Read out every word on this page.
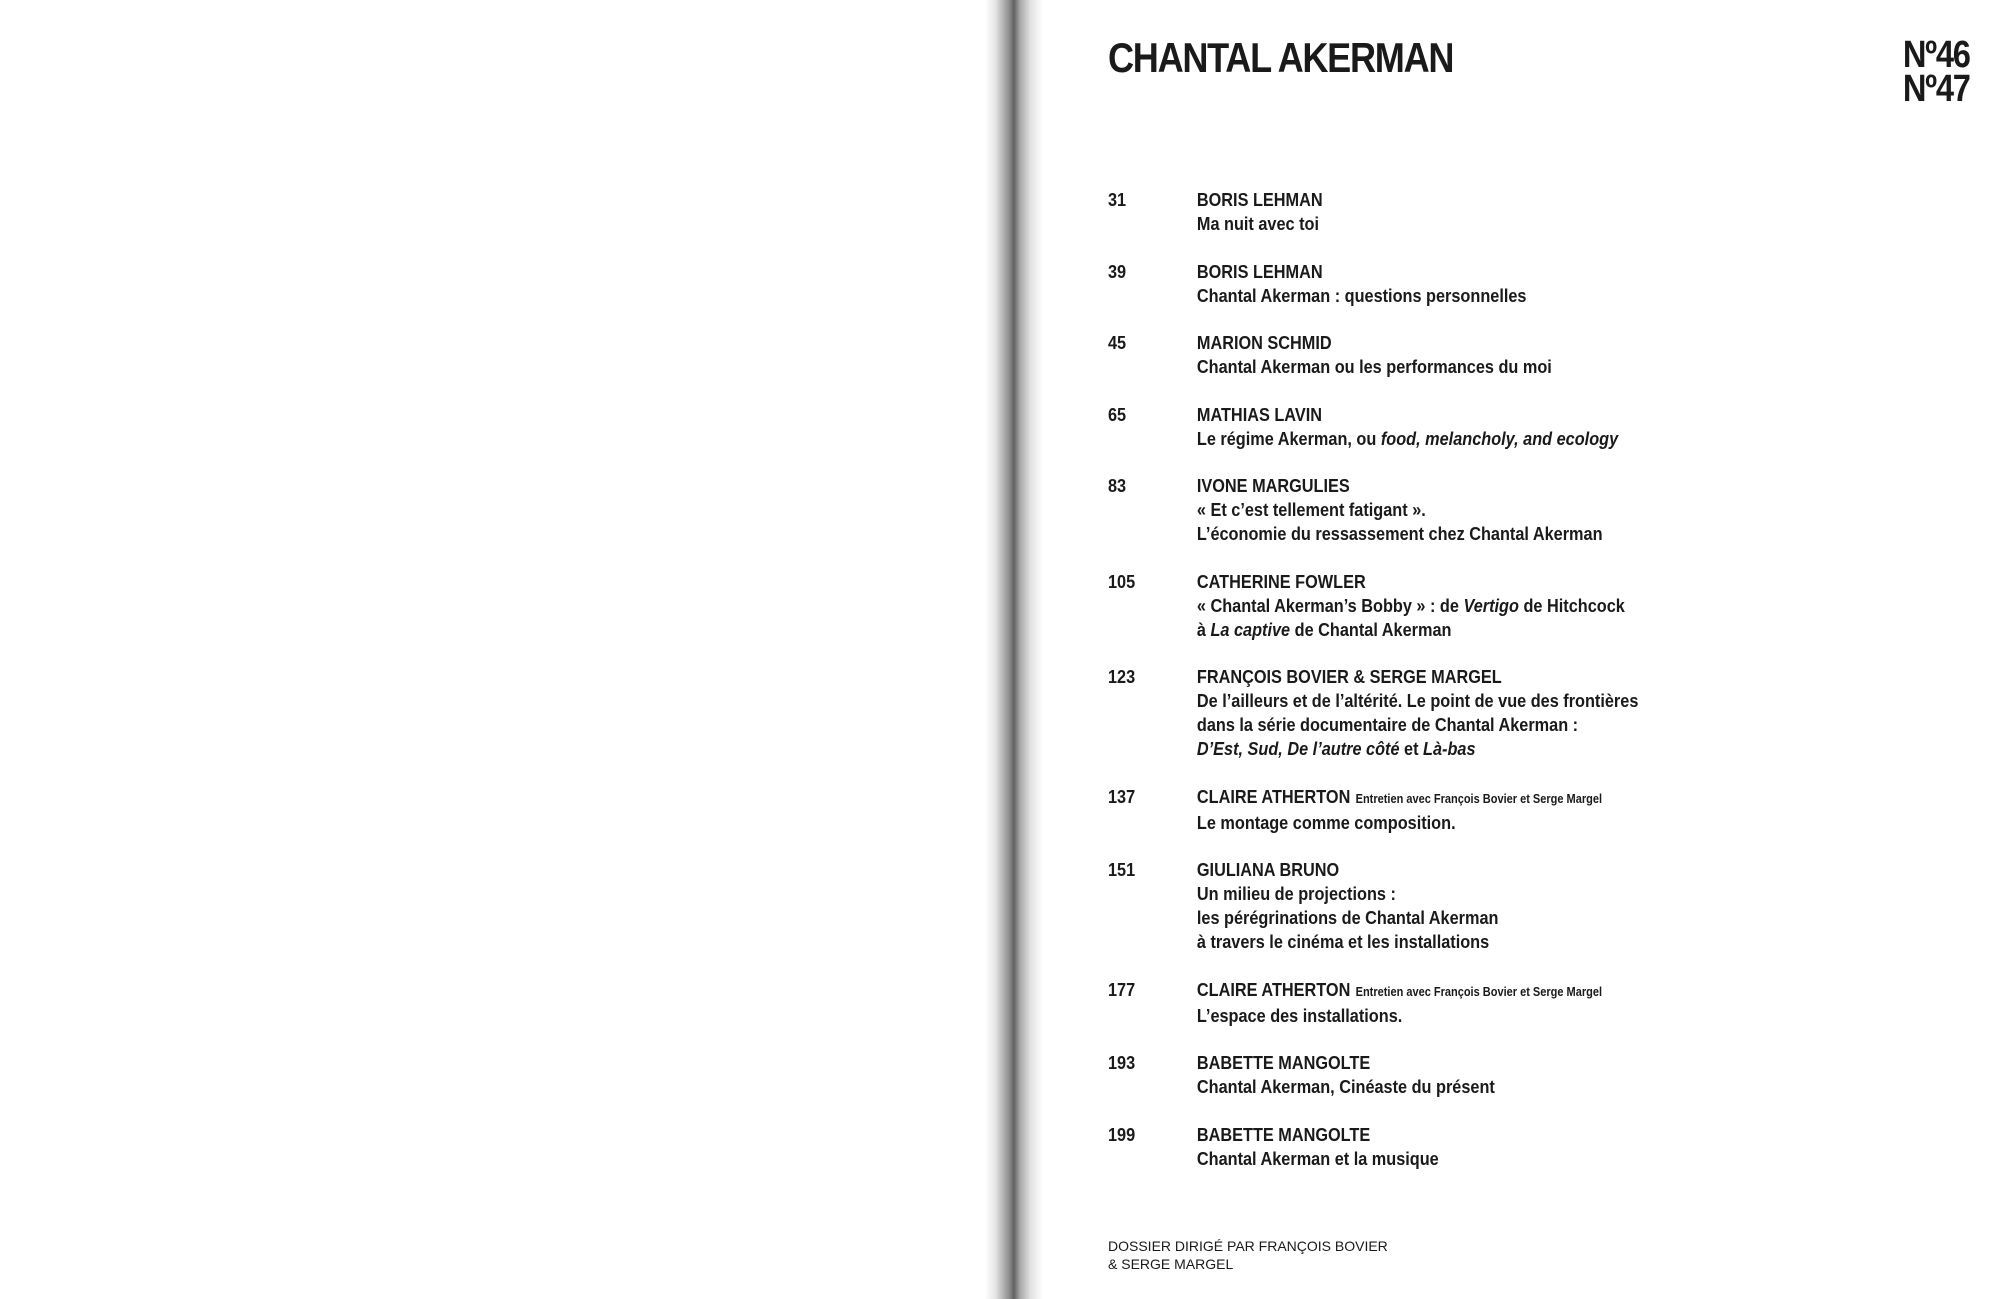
CHANTAL AKERMAN	Nº46
Nº47
31	BORIS LEHMAN
Ma nuit avec toi
39	BORIS LEHMAN
Chantal Akerman : questions personnelles
45	MARION SCHMID
Chantal Akerman ou les performances du moi
65	MATHIAS LAVIN
Le régime Akerman, ou food, melancholy, and ecology
83	IVONE MARGULIES
« Et c’est tellement fatigant ».
L’économie du ressassement chez Chantal Akerman
105	CATHERINE FOWLER
« Chantal Akerman’s Bobby » : de Vertigo de Hitchcock
à La captive de Chantal Akerman
123	FRANÇOIS BOVIER & SERGE MARGEL
De l’ailleurs et de l’altérité. Le point de vue des frontières
dans la série documentaire de Chantal Akerman :
D’Est, Sud, De l’autre côté et Là-bas
137	CLAIRE ATHERTON Entretien avec François Bovier et Serge Margel
Le montage comme composition.
151	GIULIANA BRUNO
Un milieu de projections :
les pérégrinations de Chantal Akerman
à travers le cinéma et les installations
177	CLAIRE ATHERTON Entretien avec François Bovier et Serge Margel
L’espace des installations.
193	BABETTE MANGOLTE
Chantal Akerman, Cinéaste du présent
199	BABETTE MANGOLTE
Chantal Akerman et la musique
DOSSIER DIRIGÉ PAR FRANÇOIS BOVIER
& SERGE MARGEL
